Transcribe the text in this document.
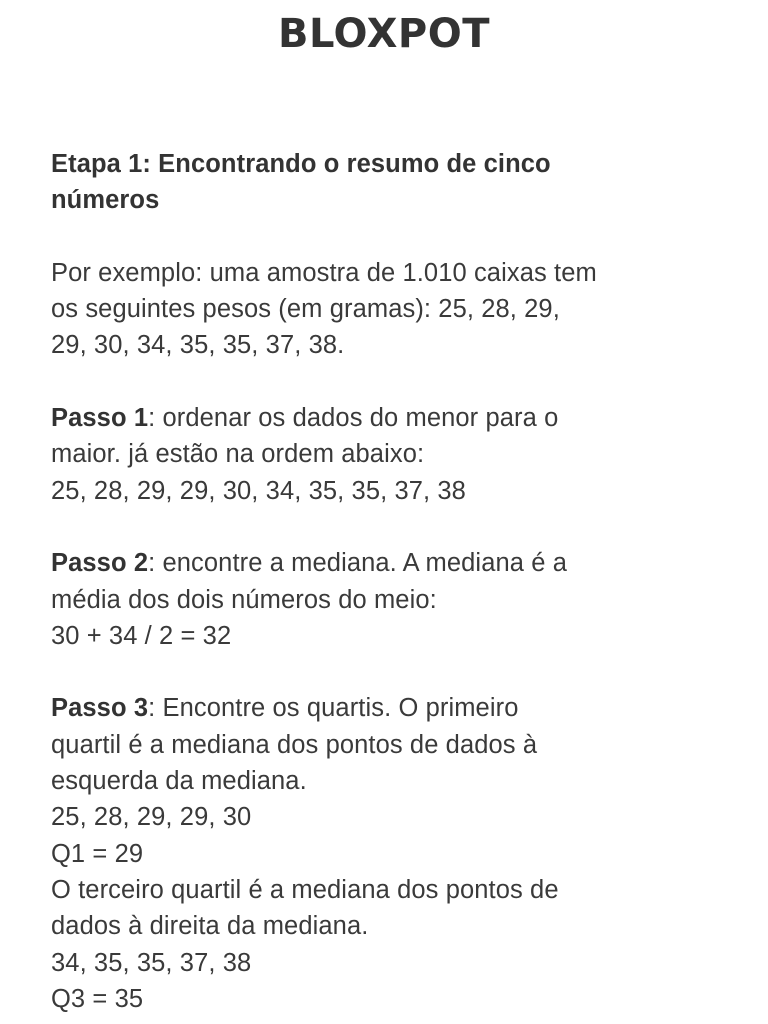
BLOXPOT
Etapa 1: Encontrando o resumo de cinco
números
Por exemplo: uma amostra de 1.010 caixas tem
os seguintes pesos (em gramas): 25, 28, 29,
29, 30, 34, 35, 35, 37, 38.
Passo 1: ordenar os dados do menor para o
maior. já estão na ordem abaixo:
25, 28, 29, 29, 30, 34, 35, 35, 37, 38
Passo 2: encontre a mediana. A mediana é a
média dos dois números do meio:
30 + 34 / 2 = 32
Passo 3: Encontre os quartis. O primeiro
quartil é a mediana dos pontos de dados à
esquerda da mediana.
25, 28, 29, 29, 30
Q1 = 29
O terceiro quartil é a mediana dos pontos de
dados à direita da mediana.
34, 35, 35, 37, 38
Q3 = 35
